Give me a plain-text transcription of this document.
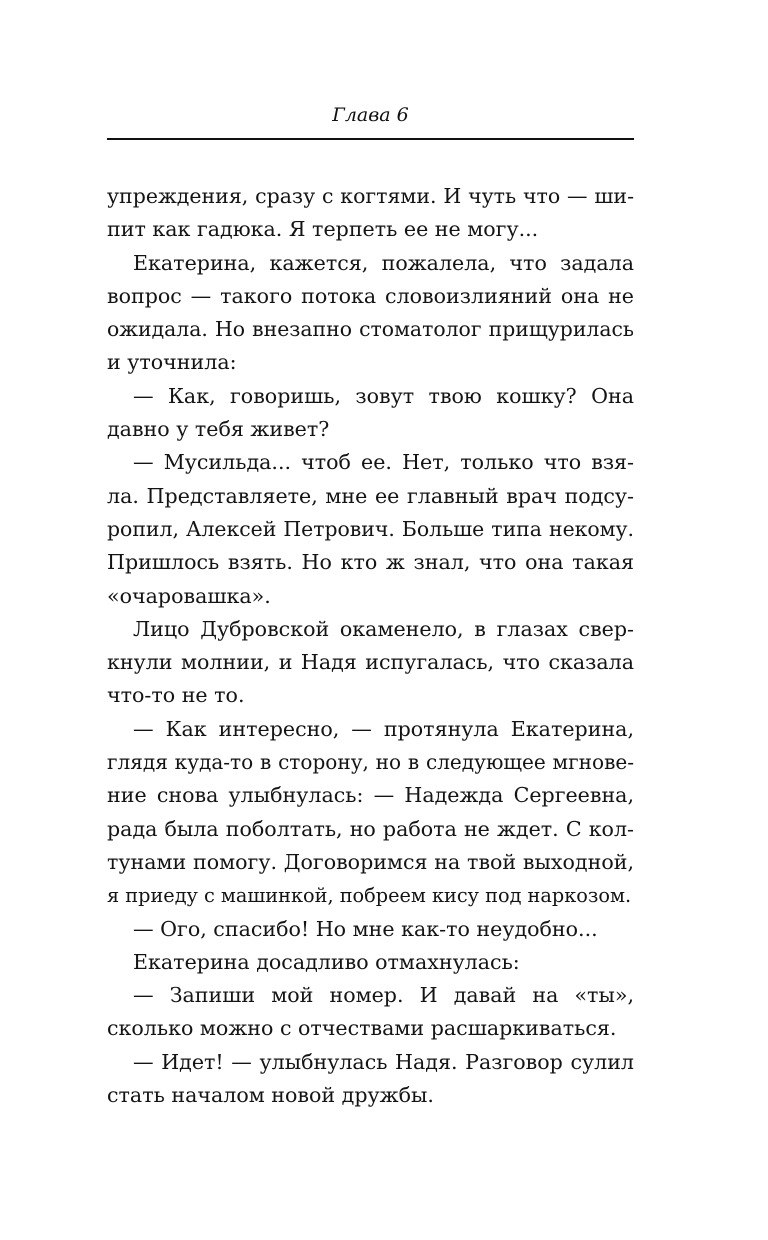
Глава 6
упреждения, сразу с когтями. И чуть что — ши-
пит как гадюка. Я терпеть ее не могу...
Екатерина, кажется, пожалела, что задала
вопрос — такого потока словоизлияний она не
ожидала. Но внезапно стоматолог прищурилась
и уточнила:
— Как, говоришь, зовут твою кошку? Она
давно у тебя живет?
— Мусильда... чтоб ее. Нет, только что взя-
ла. Представляете, мне ее главный врач подсу-
ропил, Алексей Петрович. Больше типа некому.
Пришлось взять. Но кто ж знал, что она такая
«очаровашка».
Лицо Дубровской окаменело, в глазах свер-
кнули молнии, и Надя испугалась, что сказала
что-то не то.
— Как интересно, — протянула Екатерина,
глядя куда-то в сторону, но в следующее мгнове-
ние снова улыбнулась: — Надежда Сергеевна,
рада была поболтать, но работа не ждет. С кол-
тунами помогу. Договоримся на твой выходной,
я приеду с машинкой, побреем кису под наркозом.
— Ого, спасибо! Но мне как-то неудобно...
Екатерина досадливо отмахнулась:
— Запиши мой номер. И давай на «ты»,
сколько можно с отчествами расшаркиваться.
— Идет! — улыбнулась Надя. Разговор сулил
стать началом новой дружбы.
